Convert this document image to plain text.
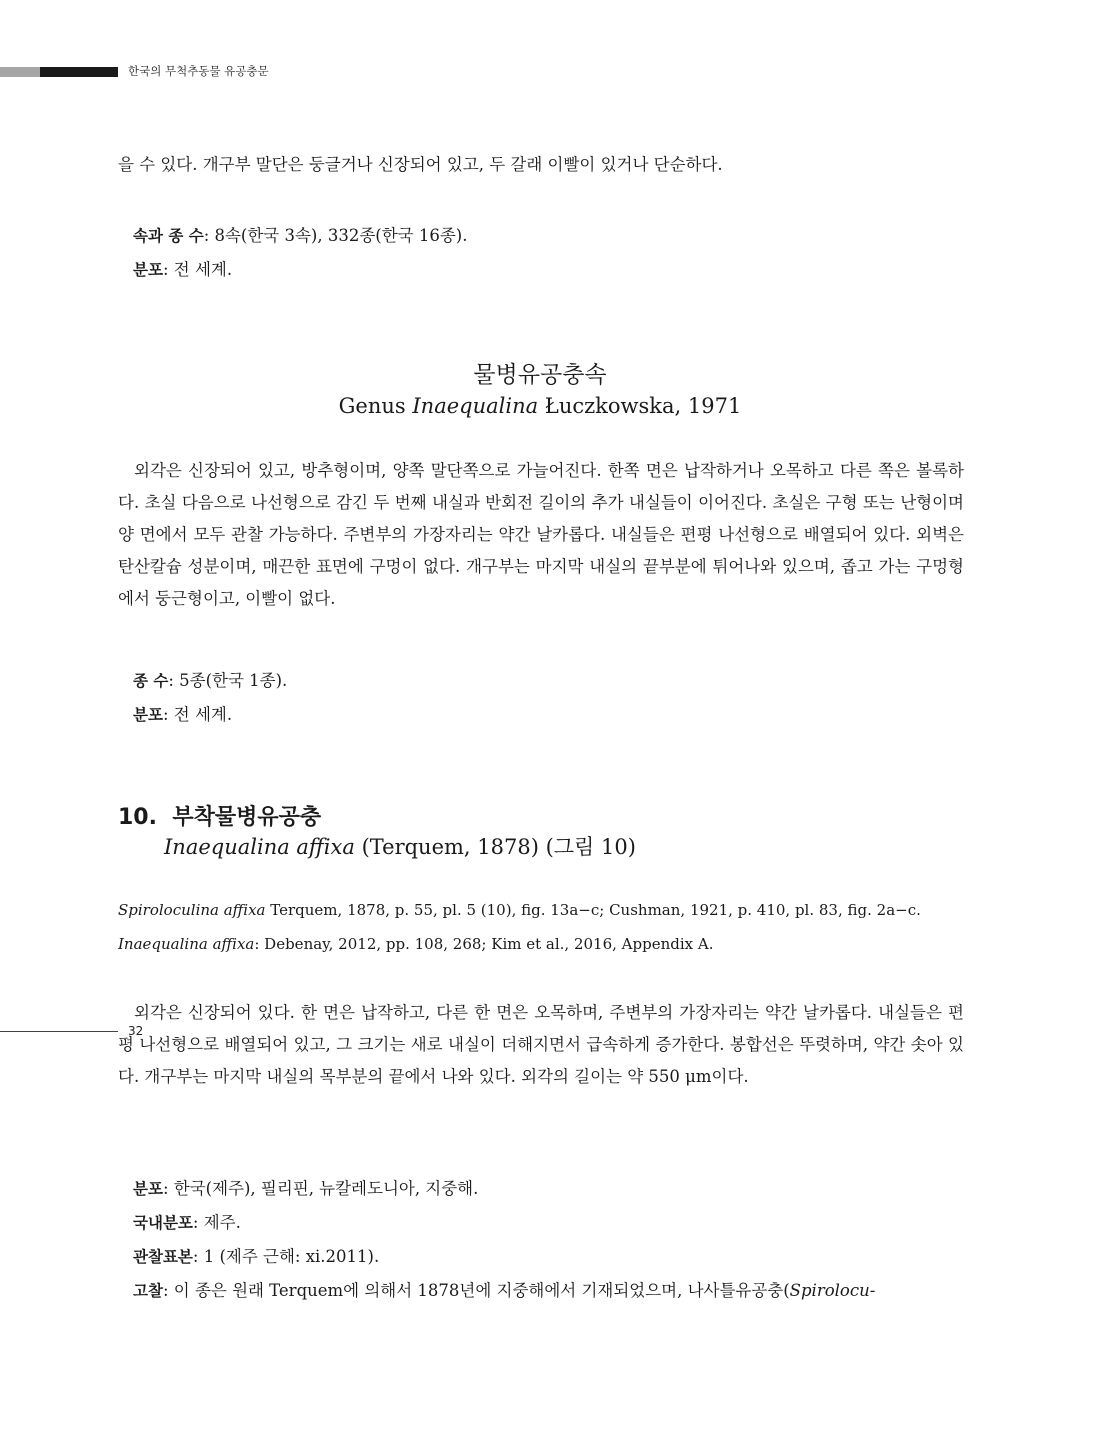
한국의 무척추동물 유공충문
을 수 있다. 개구부 말단은 둥글거나 신장되어 있고, 두 갈래 이빨이 있거나 단순하다.
속과 종 수: 8속(한국 3속), 332종(한국 16종).
분포: 전 세계.
물병유공충속
Genus Inaequalina Łuczkowska, 1971
외각은 신장되어 있고, 방추형이며, 양쪽 말단쪽으로 가늘어진다. 한쪽 면은 납작하거나 오목하고 다른 쪽은 볼록하다. 초실 다음으로 나선형으로 감긴 두 번째 내실과 반회전 길이의 추가 내실들이 이어진다. 초실은 구형 또는 난형이며 양 면에서 모두 관찰 가능하다. 주변부의 가장자리는 약간 날카롭다. 내실들은 편평 나선형으로 배열되어 있다. 외벽은 탄산칼슘 성분이며, 매끈한 표면에 구멍이 없다. 개구부는 마지막 내실의 끝부분에 튀어나와 있으며, 좁고 가는 구멍형에서 둥근형이고, 이빨이 없다.
종 수: 5종(한국 1종).
분포: 전 세계.
10. 부착물병유공충
Inaequalina affixa (Terquem, 1878) (그림 10)
Spiroloculina affixa Terquem, 1878, p. 55, pl. 5 (10), fig. 13a−c; Cushman, 1921, p. 410, pl. 83, fig. 2a−c.
Inaequalina affixa: Debenay, 2012, pp. 108, 268; Kim et al., 2016, Appendix A.
외각은 신장되어 있다. 한 면은 납작하고, 다른 한 면은 오목하며, 주변부의 가장자리는 약간 날카롭다. 내실들은 편평 나선형으로 배열되어 있고, 그 크기는 새로 내실이 더해지면서 급속하게 증가한다. 봉합선은 뚜렷하며, 약간 솟아 있다. 개구부는 마지막 내실의 목부분의 끝에서 나와 있다. 외각의 길이는 약 550 μm이다.
분포: 한국(제주), 필리핀, 뉴칼레도니아, 지중해.
국내분포: 제주.
관찰표본: 1 (제주 근해: xi.2011).
고찰: 이 종은 원래 Terquem에 의해서 1878년에 지중해에서 기재되었으며, 나사틀유공충(Spirolocu-
32
